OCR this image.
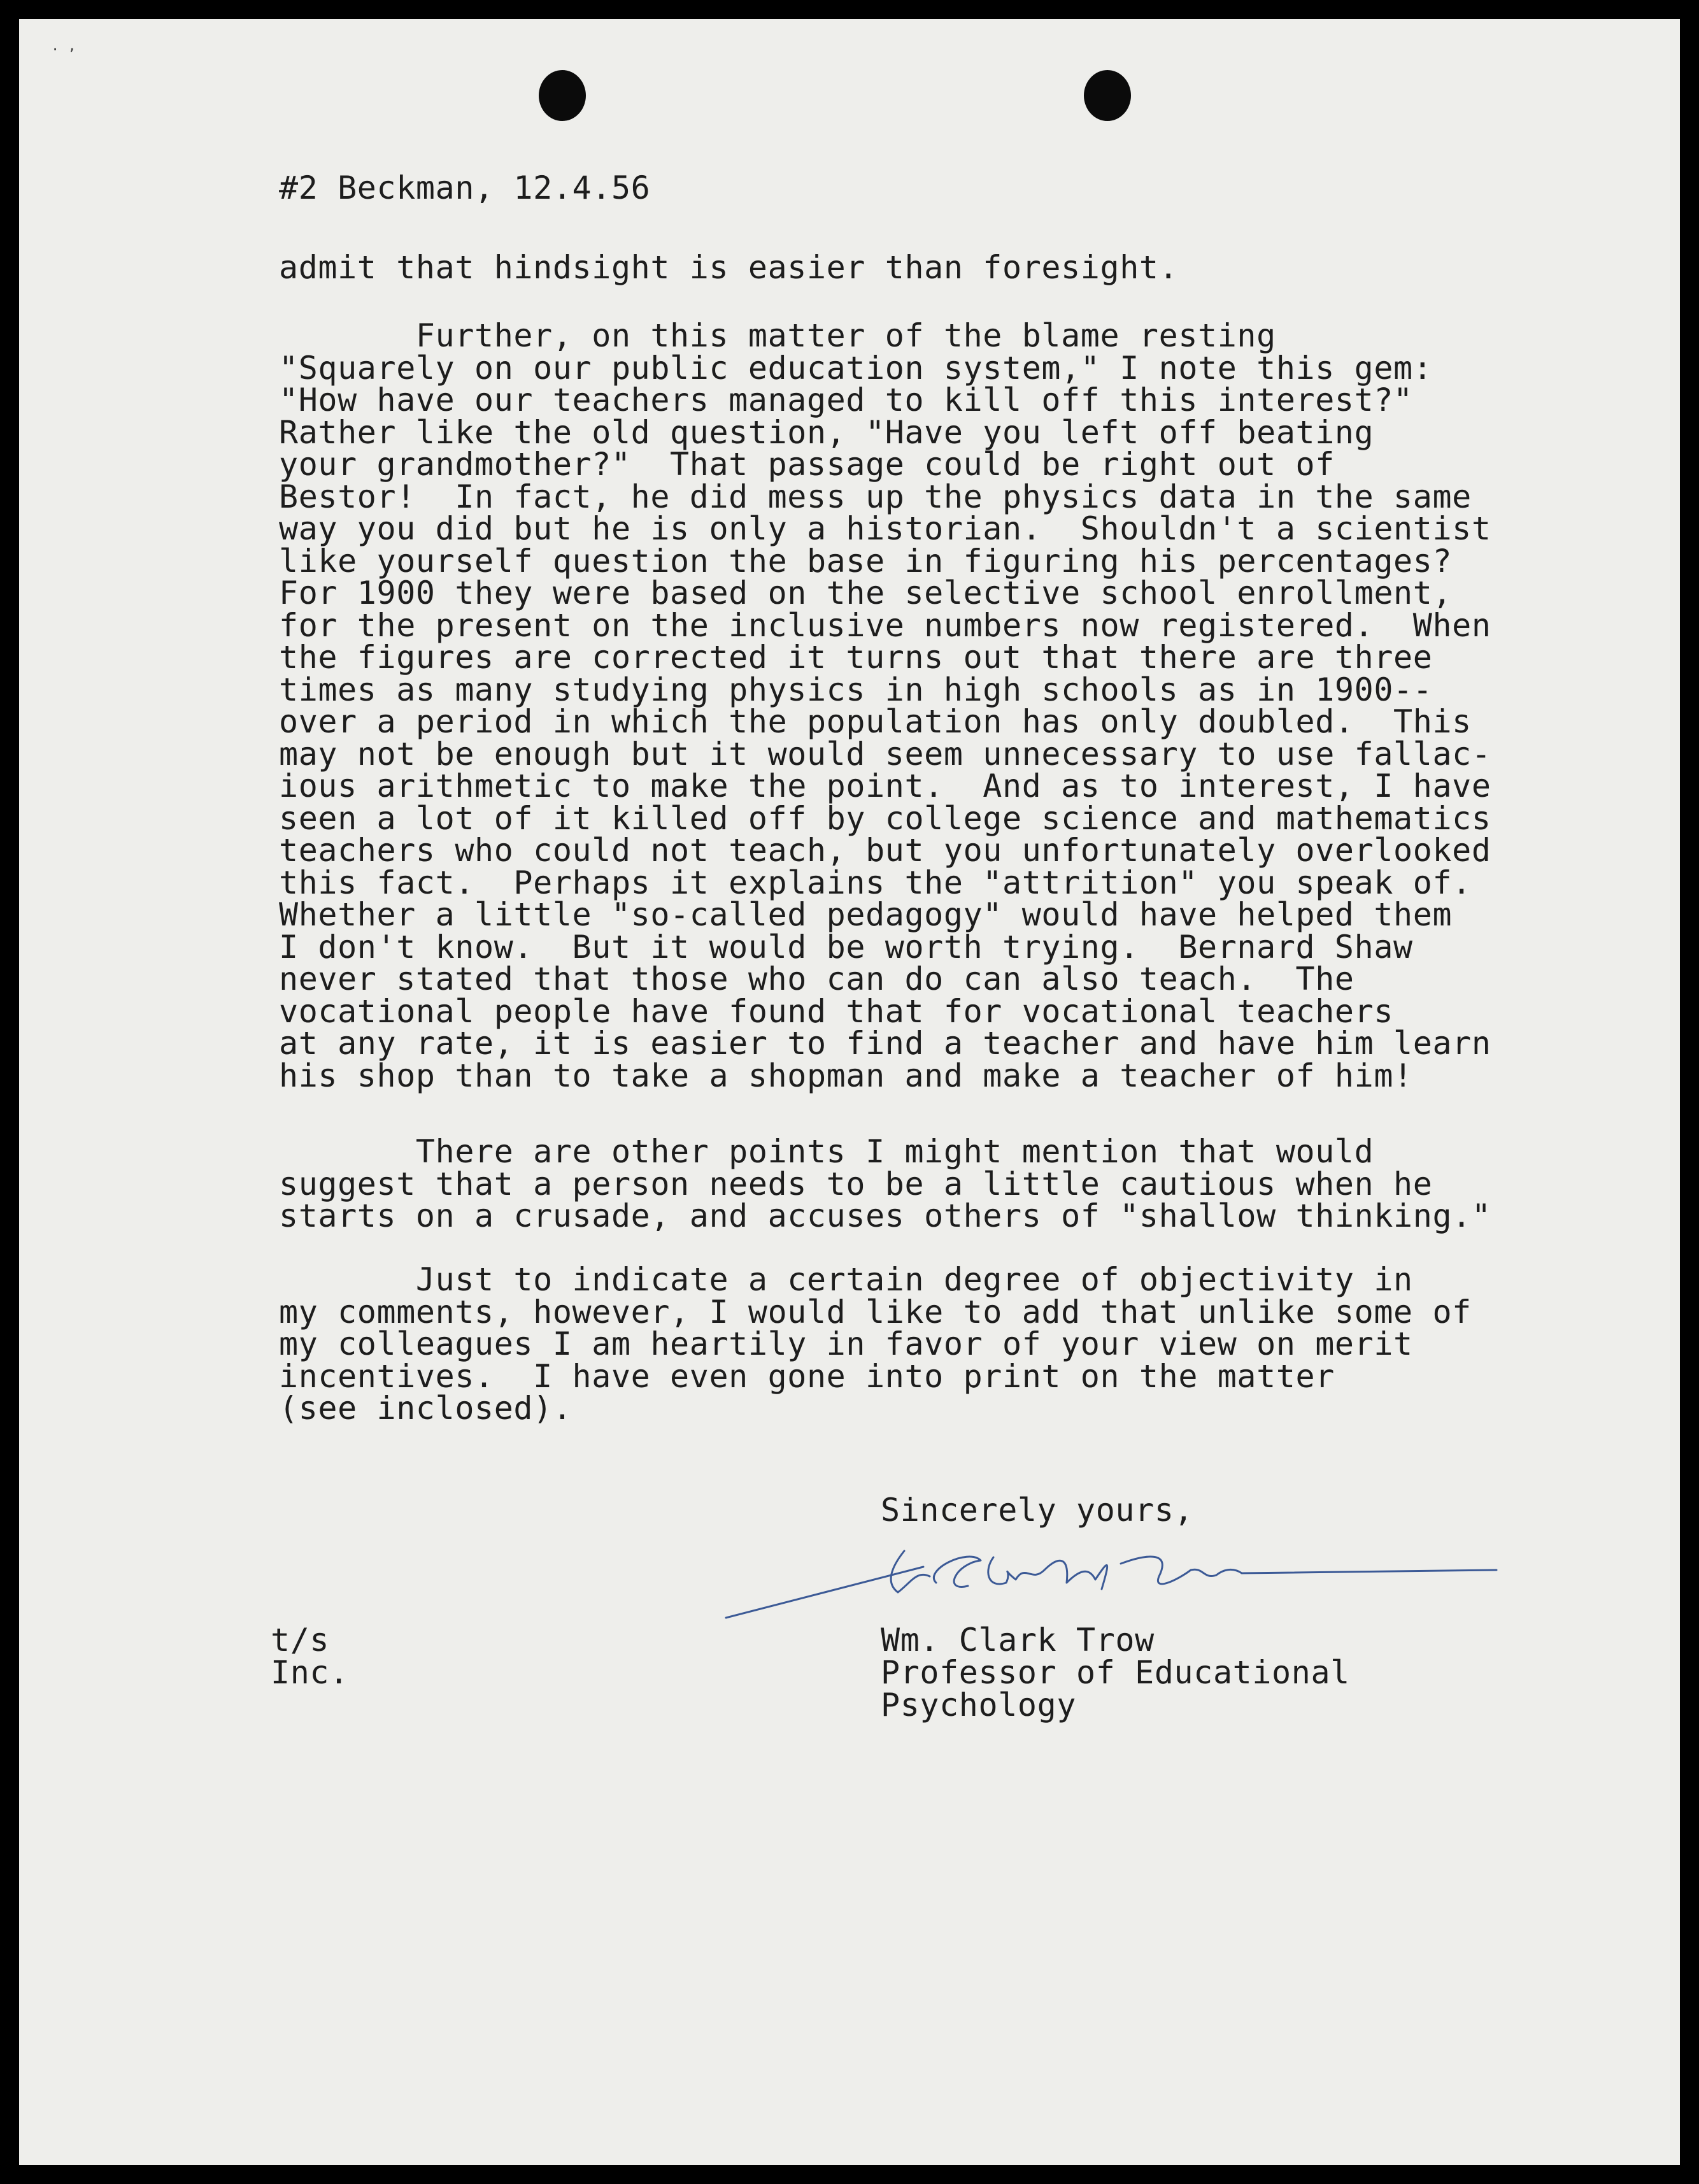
. ,
#2 Beckman, 12.4.56
admit that hindsight is easier than foresight.
Further, on this matter of the blame resting
"Squarely on our public education system," I note this gem:
"How have our teachers managed to kill off this interest?"
Rather like the old question, "Have you left off beating
your grandmother?"  That passage could be right out of
Bestor!  In fact, he did mess up the physics data in the same
way you did but he is only a historian.  Shouldn't a scientist
like yourself question the base in figuring his percentages?
For 1900 they were based on the selective school enrollment,
for the present on the inclusive numbers now registered.  When
the figures are corrected it turns out that there are three
times as many studying physics in high schools as in 1900--
over a period in which the population has only doubled.  This
may not be enough but it would seem unnecessary to use fallac-
ious arithmetic to make the point.  And as to interest, I have
seen a lot of it killed off by college science and mathematics
teachers who could not teach, but you unfortunately overlooked
this fact.  Perhaps it explains the "attrition" you speak of.
Whether a little "so-called pedagogy" would have helped them
I don't know.  But it would be worth trying.  Bernard Shaw
never stated that those who can do can also teach.  The
vocational people have found that for vocational teachers
at any rate, it is easier to find a teacher and have him learn
his shop than to take a shopman and make a teacher of him!
There are other points I might mention that would
suggest that a person needs to be a little cautious when he
starts on a crusade, and accuses others of "shallow thinking."
Just to indicate a certain degree of objectivity in
my comments, however, I would like to add that unlike some of
my colleagues I am heartily in favor of your view on merit
incentives.  I have even gone into print on the matter
(see inclosed).
Sincerely yours,
Wm. Clark Trow
Professor of Educational
Psychology
t/s
Inc.
